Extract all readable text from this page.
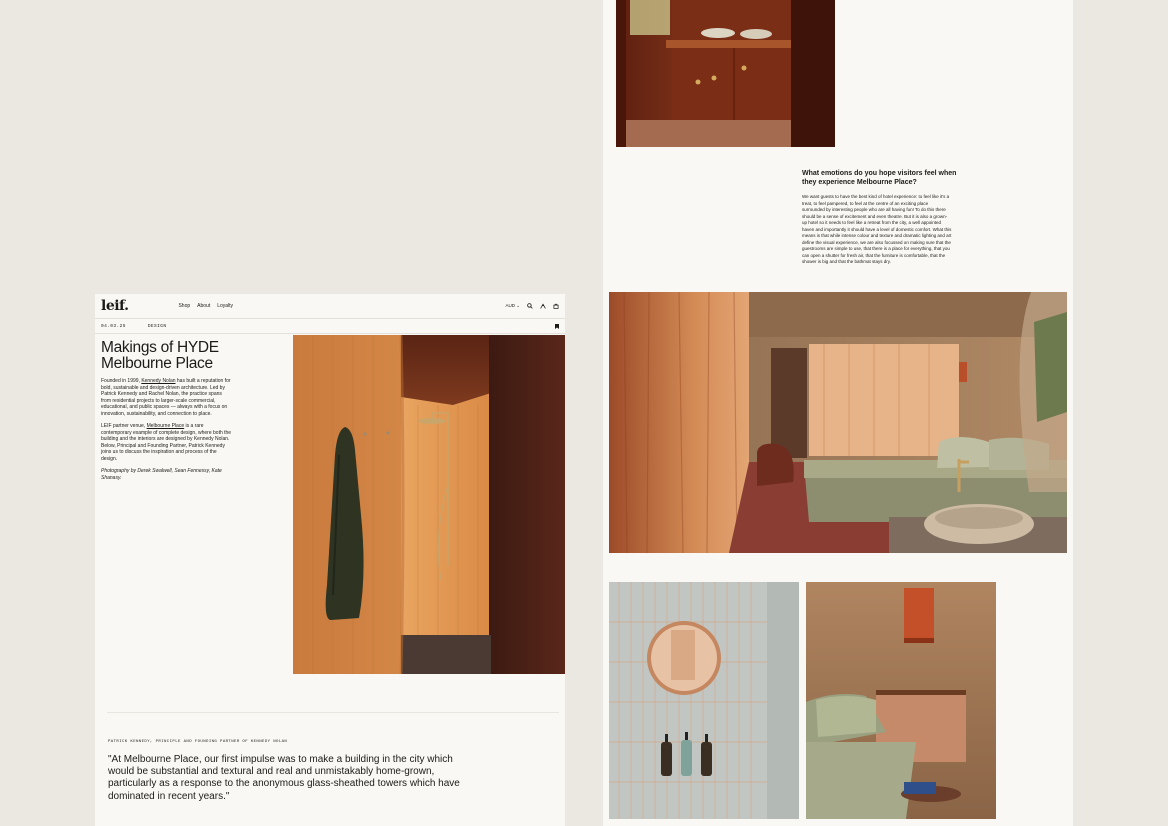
leif.	Shop About Loyalty	AUD ⌄
04.03.25	DESIGN
Makings of HYDE Melbourne Place

Founded in 1999, Kennedy Nolan has built a reputation for bold, sustainable and design-driven architecture. Led by Patrick Kennedy and Rachel Nolan, the practice spans from residential projects to larger-scale commercial, educational, and public spaces — always with a focus on innovation, sustainability, and connection to place.

LEIF partner venue, Melbourne Place is a rare contemporary example of complete design, where both the building and the interiors are designed by Kennedy Nolan. Below, Principal and Founding Partner, Patrick Kennedy joins us to discuss the inspiration and process of the design.

Photography by Derek Swalwell, Sean Fennessy, Kate Shanasy.

PATRICK KENNEDY, PRINCIPLE AND FOUNDING PARTNER OF KENNEDY NOLAN
"At Melbourne Place, our first impulse was to make a building in the city which would be substantial and textural and real and unmistakably home-grown, particularly as a response to the anonymous glass-sheathed towers which have dominated in recent years."
What emotions do you hope visitors feel when they experience Melbourne Place?

We want guests to have the best kind of hotel experience: to feel like it's a treat, to feel pampered, to feel at the centre of an exciting place surrounded by interesting people who are all having fun! To do this there should be a sense of excitement and even theatre. But it is also a grown-up hotel so it needs to feel like a retreat from the city, a well appointed haven and importantly it should have a level of domestic comfort. What this means is that while intense colour and texture and dramatic lighting and art define the visual experience, we are also focussed on making sure that the guestrooms are simple to use, that there is a place for everything, that you can open a shutter for fresh air, that the furniture is comfortable, that the shower is big and that the bathmat stays dry.
